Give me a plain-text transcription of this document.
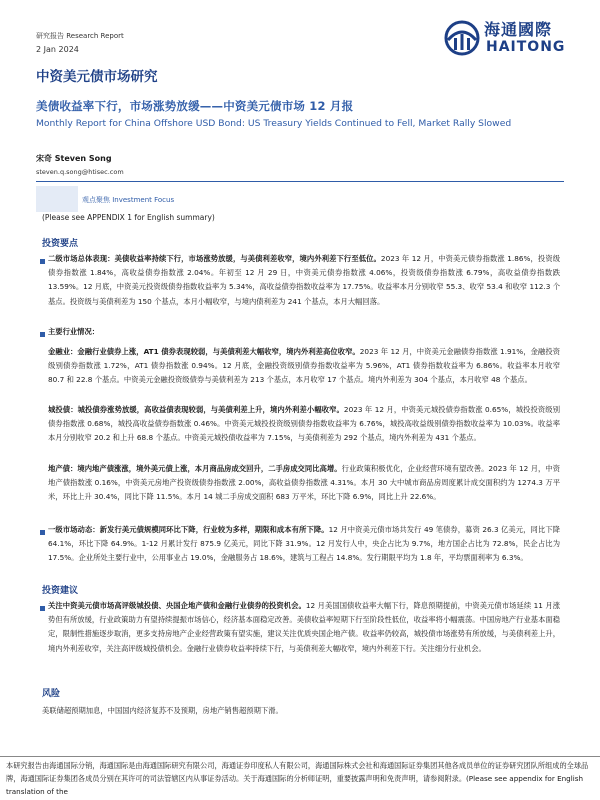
研究报告 Research Report
2 Jan 2024
海通國際
HAITONG
中资美元债市场研究
美债收益率下行，市场涨势放缓——中资美元债市场 12 月报
Monthly Report for China Offshore USD Bond: US Treasury Yields Continued to Fell, Market Rally Slowed
宋奇 Steven Song
steven.q.song@htisec.com
观点聚焦 Investment Focus
(Please see APPENDIX 1 for English summary)
投资要点

二级市场总体表现：美债收益率持续下行，市场涨势放缓，与美债利差收窄，境内外利差下行至低位。2023 年 12 月，中资美元债券指数涨 1.86%，投资级债券指数涨 1.84%，高收益债券指数涨 2.04%。年初至 12 月 29 日，中资美元债券指数涨 4.06%，投资级债券指数涨 6.79%，高收益债券指数跌 13.59%。12 月底，中资美元投资级债券指数收益率为 5.34%，高收益债券指数收益率为 17.75%。收益率本月分别收窄 55.3、收窄 53.4 和收窄 112.3 个基点。投资级与美债利差为 150 个基点，本月小幅收窄，与境内债利差为 241 个基点，本月大幅回落。

主要行业情况：

金融业：金融行业债券上涨，AT1 债券表现较弱，与美债利差大幅收窄，境内外利差高位收窄。2023 年 12 月，中资美元金融债券指数涨 1.91%，金融投资级别债券指数涨 1.72%，AT1 债券指数涨 0.94%。12 月底，金融投资级别债券指数收益率为 5.96%，AT1 债券指数收益率为 6.86%。收益率本月收窄 80.7 和 22.8 个基点。中资美元金融投资级债券与美债利差为 213 个基点，本月收窄 17 个基点。境内外利差为 304 个基点，本月收窄 48 个基点。

城投债：城投债券涨势放缓，高收益债表现较弱，与美债利差上升，境内外利差小幅收窄。2023 年 12 月，中资美元城投债券指数涨 0.65%，城投投资级别债券指数涨 0.68%，城投高收益债券指数涨 0.46%。中资美元城投投资级别债券指数收益率为 6.76%，城投高收益级别债券指数收益率为 10.03%。收益率本月分别收窄 20.2 和上升 68.8 个基点。中资美元城投债收益率为 7.15%，与美债利差为 292 个基点，境内外利差为 431 个基点。

地产债：境内地产债涨涨，境外美元债上涨，本月商品房成交回升，二手房成交同比高增。行业政策积极优化，企业经营环境有望改善。2023 年 12 月，中资地产债指数涨 0.16%，中资美元房地产投资级债券指数涨 2.00%，高收益债券指数涨 4.31%。本月 30 大中城市商品房周度累计成交面积约为 1274.3 万平米，环比上升 30.4%，同比下降 11.5%。本月 14 城二手房成交面积 683 万平米，环比下降 6.9%，同比上升 22.6%。

一级市场动态：新发行美元债规模同环比下降，行业较为多样，期限和成本有所下降。12 月中资美元债市场共发行 49 笔债券，募资 26.3 亿美元，同比下降 64.1%，环比下降 64.9%。1-12 月累计发行 875.9 亿美元，同比下降 31.9%。12 月发行人中，央企占比为 9.7%，地方国企占比为 72.8%，民企占比为 17.5%。企业所处主要行业中，公用事业占 19.0%，金融服务占 18.6%，建筑与工程占 14.8%。发行期限平均为 1.8 年，平均票面利率为 6.3%。

投资建议

关注中资美元债市场高评级城投债、央国企地产债和金融行业债券的投资机会。12 月美国国债收益率大幅下行，降息预期提前，中资美元债市场延续 11 月涨势但有所放缓，行业政策助力有望持续提振市场信心，经济基本面稳定改善。美债收益率短期下行至阶段性低位，收益率将小幅震荡。中国房地产行业基本面稳定，限制性措施逐步取消，更多支持房地产企业经营政策有望实施，建议关注优质央国企地产债。收益率仍较高，城投债市场涨势有所放缓，与美债利差上升，境内外利差收窄，关注高评级城投债机会。金融行业债券收益率持续下行，与美债利差大幅收窄，境内外利差下行。关注细分行业机会。

风险
美联储超预期加息，中国国内经济复苏不及预期，房地产销售超预期下滑。

本研究报告由海通国际分销，海通国际是由海通国际研究有限公司，海通证券印度私人有限公司，海通国际株式会社和海通国际证券集团其他各成员单位的证券研究团队所组成的全球品牌，海通国际证券集团各成员分别在其许可的司法管辖区内从事证券活动。关于海通国际的分析师证明，重要披露声明和免责声明，请参阅附录。(Please see appendix for English translation of the
